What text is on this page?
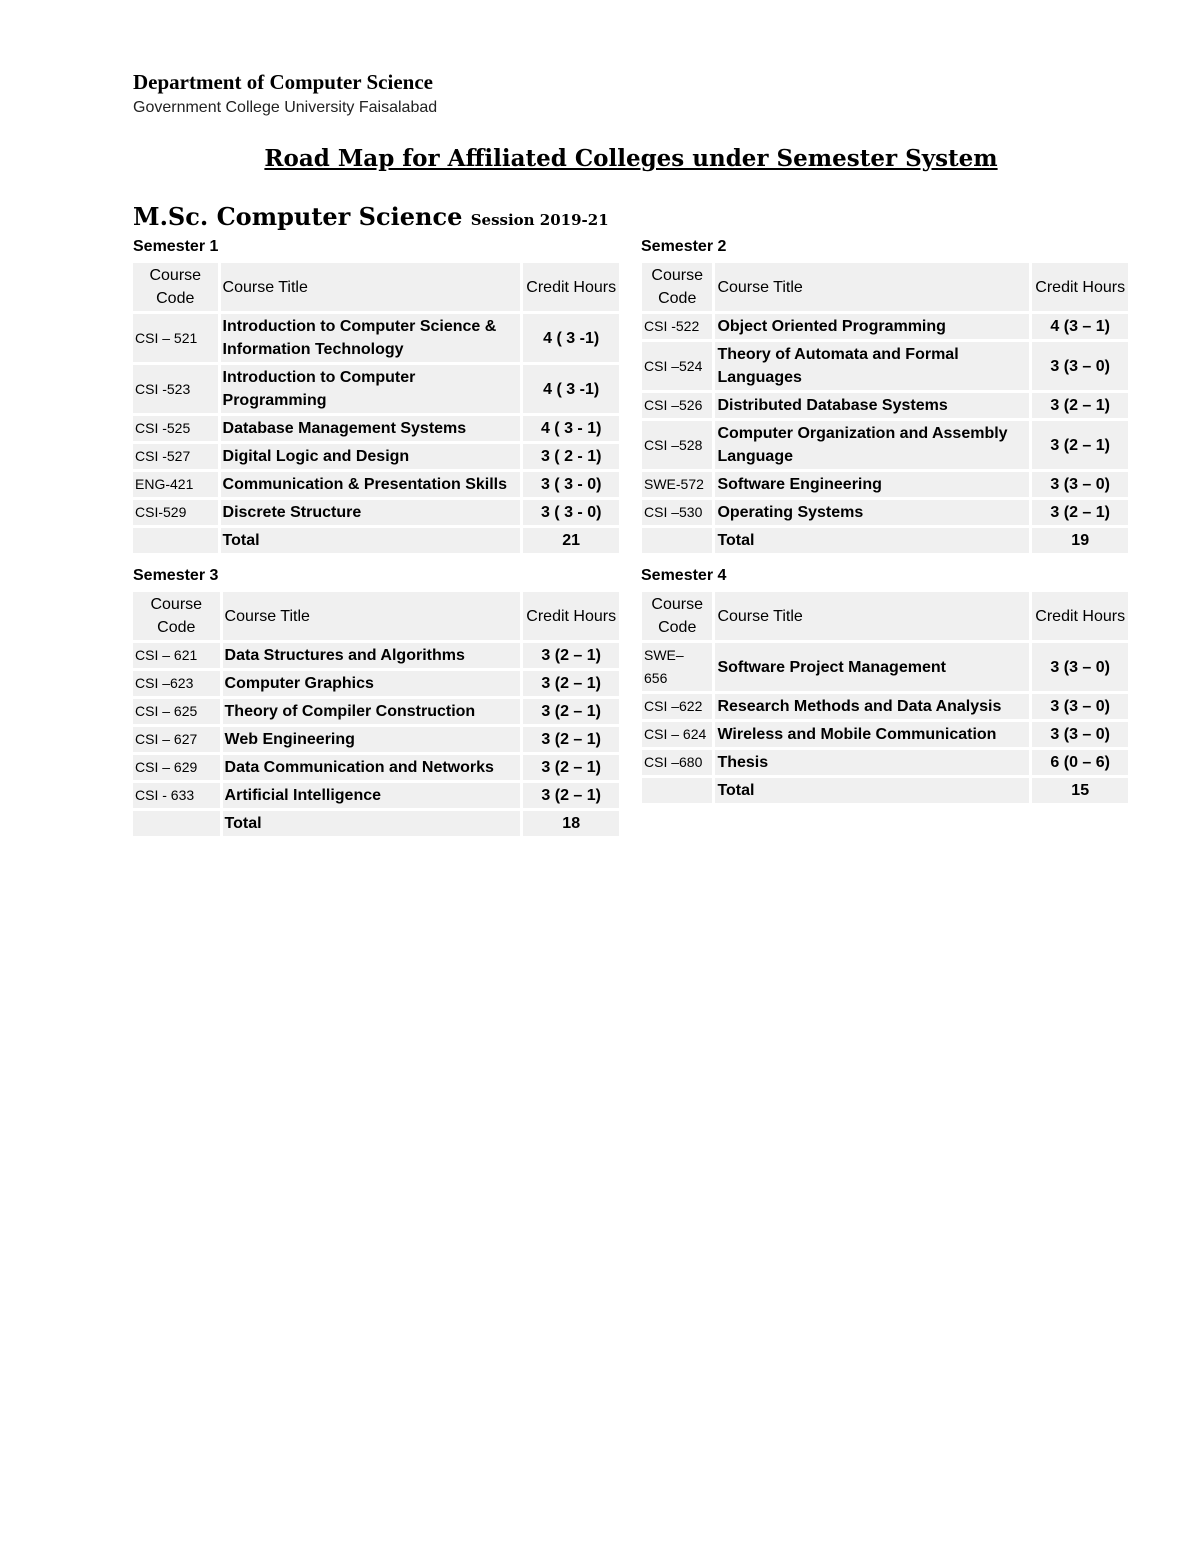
Department of Computer Science
Government College University Faisalabad
Road Map for Affiliated Colleges under Semester System
M.Sc. Computer Science Session 2019-21
Semester 1
Course Code	Course Title	Credit Hours
CSI – 521	Introduction to Computer Science & Information Technology	4 ( 3 -1)
CSI -523	Introduction to Computer Programming	4 ( 3 -1)
CSI -525	Database Management Systems	4 ( 3 - 1)
CSI -527	Digital Logic and Design	3 ( 2 - 1)
ENG-421	Communication & Presentation Skills	3 ( 3 - 0)
CSI-529	Discrete Structure	3 ( 3 - 0)
	Total	21
Semester 2
Course Code	Course Title	Credit Hours
CSI -522	Object Oriented Programming	4 (3 – 1)
CSI –524	Theory of Automata and Formal Languages	3 (3 – 0)
CSI –526	Distributed Database Systems	3 (2 – 1)
CSI –528	Computer Organization and Assembly Language	3 (2 – 1)
SWE-572	Software Engineering	3 (3 – 0)
CSI –530	Operating Systems	3 (2 – 1)
	Total	19
Semester 3
Course Code	Course Title	Credit Hours
CSI – 621	Data Structures and Algorithms	3 (2 – 1)
CSI –623	Computer Graphics	3 (2 – 1)
CSI – 625	Theory of Compiler Construction	3 (2 – 1)
CSI – 627	Web Engineering	3 (2 – 1)
CSI – 629	Data Communication and Networks	3 (2 – 1)
CSI - 633	Artificial Intelligence	3 (2 – 1)
	Total	18
Semester 4
Course Code	Course Title	Credit Hours
SWE– 656	Software Project Management	3 (3 – 0)
CSI –622	Research Methods and Data Analysis	3 (3 – 0)
CSI – 624	Wireless and Mobile Communication	3 (3 – 0)
CSI –680	Thesis	6 (0 – 6)
	Total	15
